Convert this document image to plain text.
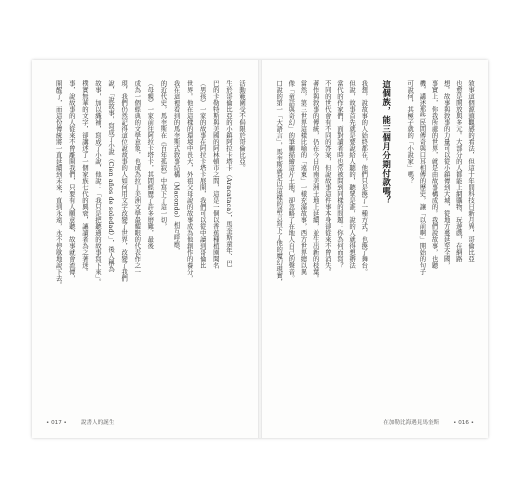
敘事這個源頭觀感的看法，但這十年間科技日新月異，哥倫比亞
也愈是開放與多元。大部分的人都能上網購物、玩遊戲，在網路
想。故事與敘事的力量可以從小鎮傳到大城，從地方蔓延至全國，
事實上，你我所處的世界，就是由故事構成的。我們說故事，也聽
機，講述那些民間傳奇與口耳相傳的歷史，讓「以前啊」開始的句子
可說何，其極子就的「小說家」嗎？
這個族，能三個月分期付款嗎？
我想，說故事的人始終都在，他們只是換了一種方式，也換了舞台。
但說，故事首先就是要說給人聽的，聽眾是誰，說的人就得想辦法
當代的作家們，面對讀者時也常被問到同樣的問題：你為何而寫？
不同的世代會有不同的答案，但說故事這件事本身卻從來不曾消失。
著作與敘事的傳統，仍在今日的南美洲土地上延續，並生出新的枝葉。
當然，第三世界這樣比喻的「遠東」一樣充滿故事，西方世界總以異
像「童話與奇幻」的筆觸描繪這片土地，卻忽略了在地人自己的聲音。
口說的第一「大語言」，馬奎斯就是以這樣的語言寫下了他的魔幻現實，
在加勒比海遇見馬奎斯	• 016 •
活動範圍受不侷限於哥倫比亞。
生於哥倫比亞的小鎮阿拉卡塔卡（Aracataca），馬奎斯童年、巴
巴的卡勒特斯與美國的阿林頓市之間，這是一個以香蕉種植園聞名
（男孩）一家的故事在阿拉卡塔卡展開，我們可以從中讀到哥倫比
世界。他在這樣的環境中長大，外祖父母說的故事成為他創作的養分，
我在這裡看到的馬奎斯式敘事結構（Macondo）相互呼應，
的近代史，馬奎斯在《百年孤寂》中寫下了這一切，
（母親）一家前往阿拉卡塔卡，其間經歷了許多磨難，最後
成為一個經典的文學意象，也成為拉丁美洲文學最耀眼的代表作之一
現，我們仍然記得這位說故事的人如何用文字改變了世界，改變了我們
說，「說故事，寫成了小說（Cien años de soledad）」，後人稱為
故事，加以織補，寫成了小說，他說：「我只是把聽過的故事寫下來」。
樸實無華的文字，卻講述了一個家族七代的興衰，讓讀者為之著迷。
事，說故事的人從來不曾離開我們，只要有人願意聽，故事就會流傳，
開醒了，而這份傳統將一直延續到未來，直到永遠，永不停歇地說下去。
• 017 •	說書人的誕生
